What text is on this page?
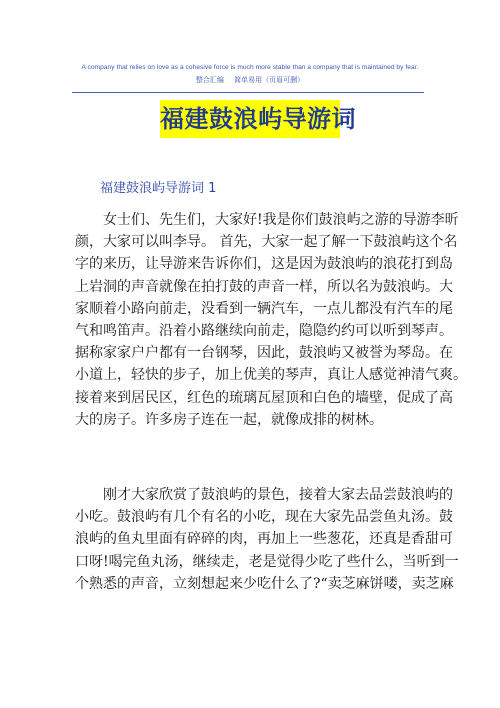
A company that relies on love as a cohesive force is much more stable than a company that is maintained by fear.
整合汇编 简单易用（页眉可删）
福建鼓浪屿导游词
福建鼓浪屿导游词 1

女士们、先生们，大家好!我是你们鼓浪屿之游的导游李昕
颜，大家可以叫李导。 首先，大家一起了解一下鼓浪屿这个名
字的来历，让导游来告诉你们，这是因为鼓浪屿的浪花打到岛
上岩洞的声音就像在拍打鼓的声音一样，所以名为鼓浪屿。大
家顺着小路向前走，没看到一辆汽车，一点儿都没有汽车的尾
气和鸣笛声。沿着小路继续向前走，隐隐约约可以听到琴声。
据称家家户户都有一台钢琴，因此，鼓浪屿又被誉为琴岛。在
小道上，轻快的步子，加上优美的琴声，真让人感觉神清气爽。
接着来到居民区，红色的琉璃瓦屋顶和白色的墙壁，促成了高
大的房子。许多房子连在一起，就像成排的树林。

刚才大家欣赏了鼓浪屿的景色，接着大家去品尝鼓浪屿的
小吃。鼓浪屿有几个有名的小吃，现在大家先品尝鱼丸汤。鼓
浪屿的鱼丸里面有碎碎的肉，再加上一些葱花，还真是香甜可
口呀!喝完鱼丸汤，继续走，老是觉得少吃了些什么，当听到一
个熟悉的声音，立刻想起来少吃什么了?“卖芝麻饼喽，卖芝麻
